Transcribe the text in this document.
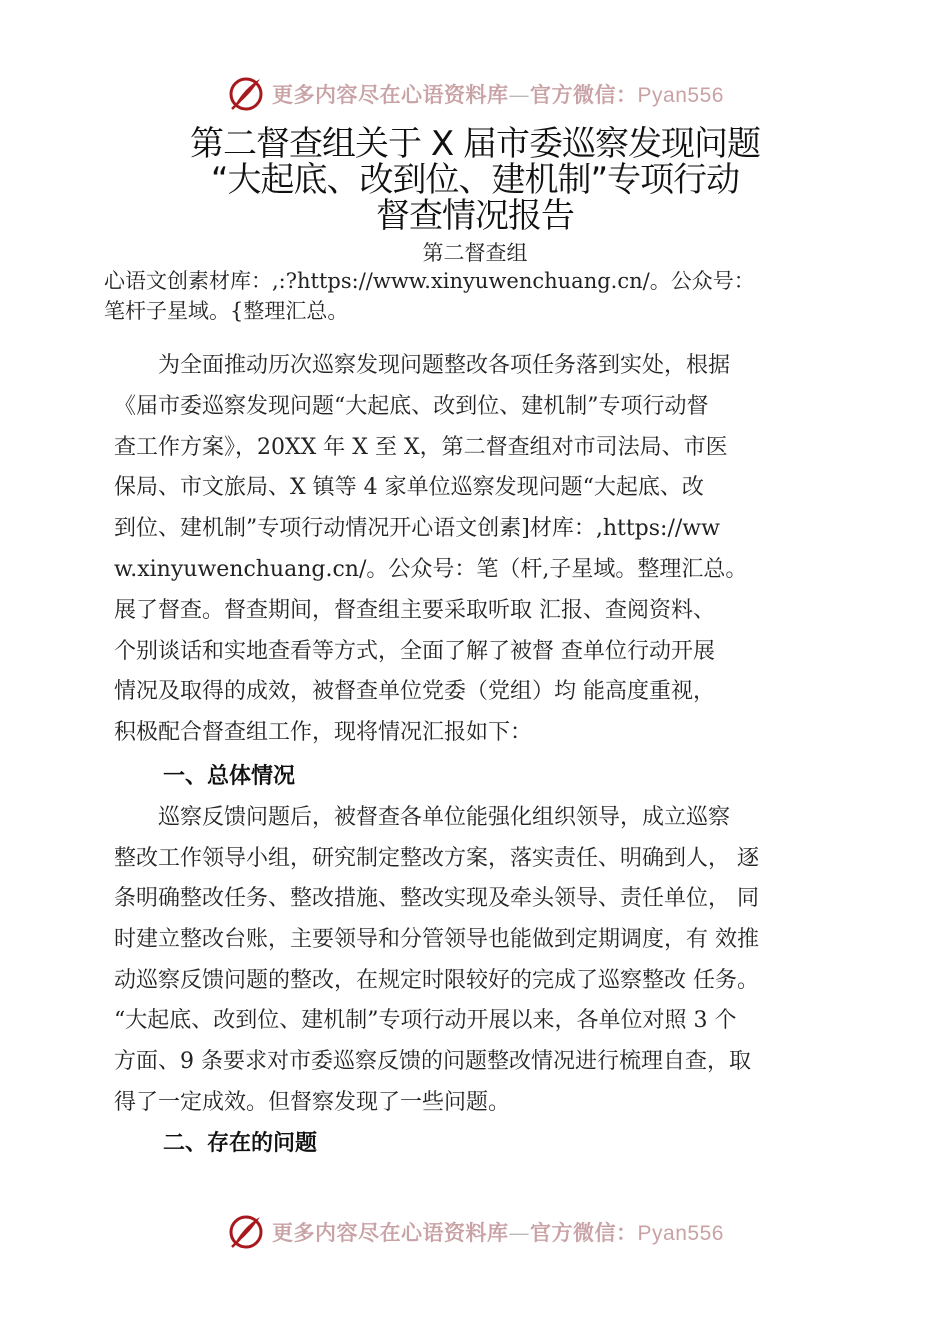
更多内容尽在心语资料库—官方微信：Pyan556
第二督查组关于 X 届市委巡察发现问题
“大起底、改到位、建机制”专项行动
督查情况报告
第二督查组
心语文创素材库：,:?https://www.xinyuwenchuang.cn/。公众号：
笔杆子星域。{整理汇总。
为全面推动历次巡察发现问题整改各项任务落到实处，根据
《届市委巡察发现问题“大起底、改到位、建机制”专项行动督
查工作方案》，20XX 年 X 至 X，第二督查组对市司法局、市医
保局、市文旅局、X 镇等 4 家单位巡察发现问题“大起底、改
到位、建机制”专项行动情况开心语文创素]材库：,https://ww
w.xinyuwenchuang.cn/。公众号：笔（杆,子星域。整理汇总。
展了督查。督查期间，督查组主要采取听取 汇报、查阅资料、
个别谈话和实地查看等方式，全面了解了被督 查单位行动开展
情况及取得的成效，被督查单位党委（党组）均 能高度重视，
积极配合督查组工作，现将情况汇报如下：
一、总体情况
巡察反馈问题后，被督查各单位能强化组织领导，成立巡察
整改工作领导小组，研究制定整改方案，落实责任、明确到人， 逐
条明确整改任务、整改措施、整改实现及牵头领导、责任单位， 同
时建立整改台账，主要领导和分管领导也能做到定期调度，有 效推
动巡察反馈问题的整改，在规定时限较好的完成了巡察整改 任务。
“大起底、改到位、建机制”专项行动开展以来，各单位对照 3 个
方面、9 条要求对市委巡察反馈的问题整改情况进行梳理自查，取
得了一定成效。但督察发现了一些问题。
二、存在的问题
更多内容尽在心语资料库—官方微信：Pyan556
